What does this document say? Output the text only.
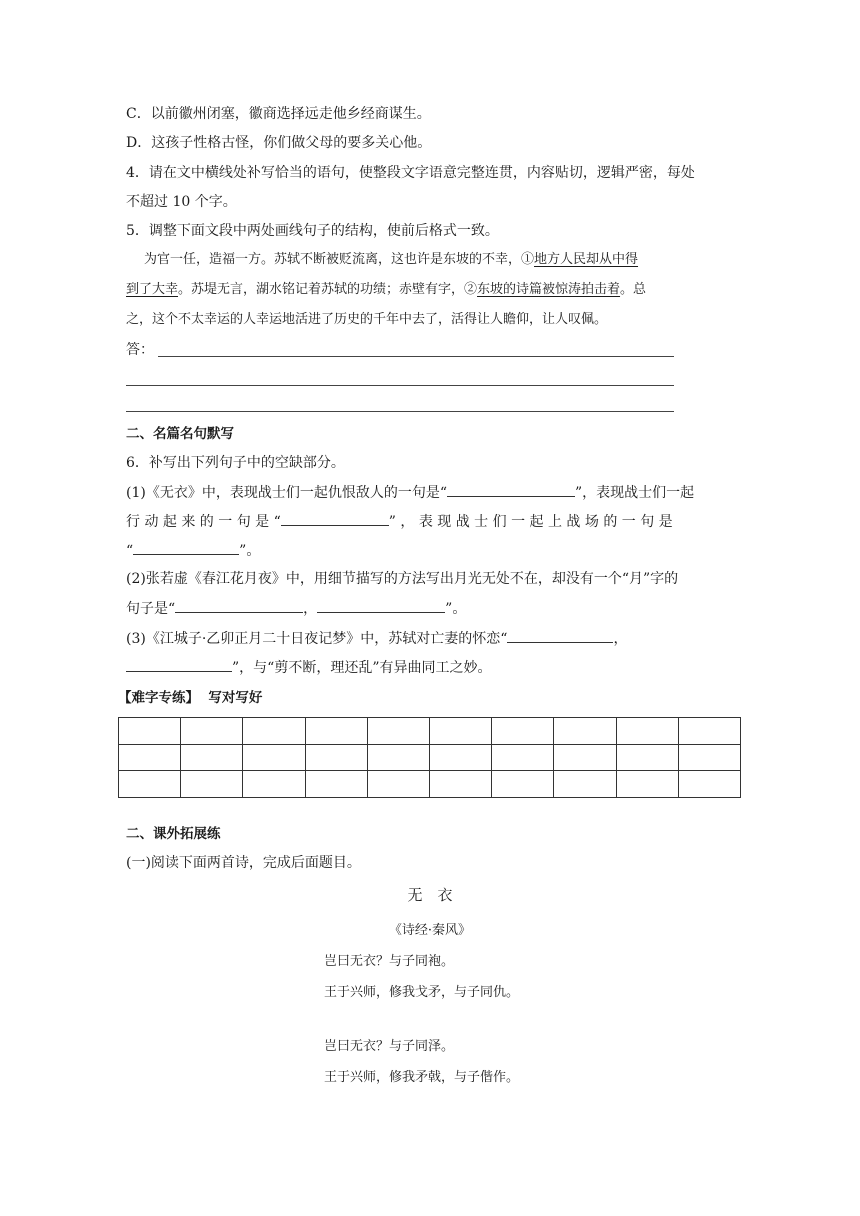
C．以前徽州闭塞，徽商选择远走他乡经商谋生。
D．这孩子性格古怪，你们做父母的要多关心他。
4．请在文中横线处补写恰当的语句，使整段文字语意完整连贯，内容贴切，逻辑严密，每处
不超过 10 个字。
5．调整下面文段中两处画线句子的结构，使前后格式一致。
为官一任，造福一方。苏轼不断被贬流离，这也许是东坡的不幸，①地方人民却从中得
到了大幸。苏堤无言，湖水铭记着苏轼的功绩；赤壁有字，②东坡的诗篇被惊涛拍击着。总
之，这个不太幸运的人幸运地活进了历史的千年中去了，活得让人瞻仰，让人叹佩。
答：
二、名篇名句默写
6．补写出下列句子中的空缺部分。
(1)《无衣》中，表现战士们一起仇恨敌人的一句是“	”，表现战士们一起
行 动 起 来 的 一 句 是 “	” ， 表 现 战 士 们 一 起 上 战 场 的 一 句 是
“	”。
(2)张若虚《春江花月夜》中，用细节描写的方法写出月光无处不在，却没有一个“月”字的
句子是“	，	”。
(3)《江城子·乙卯正月二十日夜记梦》中，苏轼对亡妻的怀恋“	，
”，与“剪不断，理还乱”有异曲同工之妙。
【难字专练】 写对写好

二、课外拓展练
(一)阅读下面两首诗，完成后面题目。
无　衣
《诗经·秦风》
岂曰无衣？与子同袍。
王于兴师，修我戈矛，与子同仇。
岂曰无衣？与子同泽。
王于兴师，修我矛戟，与子偕作。
